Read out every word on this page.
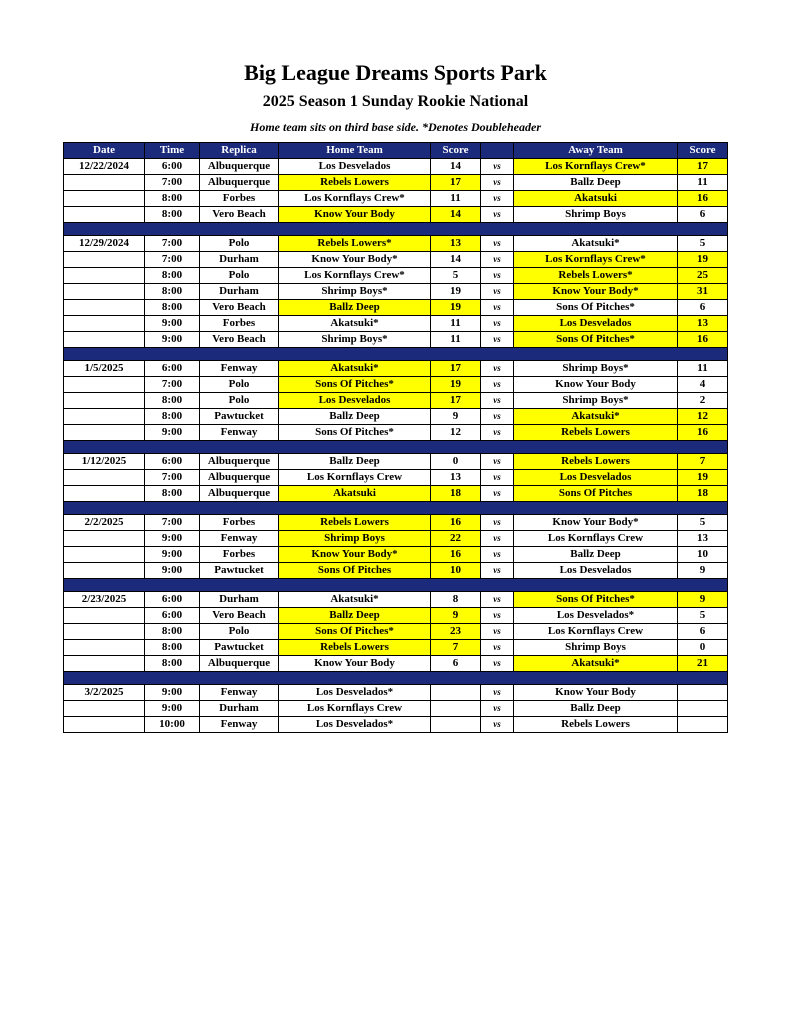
Big League Dreams Sports Park
2025 Season 1 Sunday Rookie National

Home team sits on third base side. *Denotes Doubleheader

Date	Time	Replica	Home Team	Score		Away Team	Score
12/22/2024	6:00	Albuquerque	Los Desvelados	14	vs	Los Kornflays Crew*	17
	7:00	Albuquerque	Rebels Lowers	17	vs	Ballz Deep	11
	8:00	Forbes	Los Kornflays Crew*	11	vs	Akatsuki	16
	8:00	Vero Beach	Know Your Body	14	vs	Shrimp Boys	6

12/29/2024	7:00	Polo	Rebels Lowers*	13	vs	Akatsuki*	5
	7:00	Durham	Know Your Body*	14	vs	Los Kornflays Crew*	19
	8:00	Polo	Los Kornflays Crew*	5	vs	Rebels Lowers*	25
	8:00	Durham	Shrimp Boys*	19	vs	Know Your Body*	31
	8:00	Vero Beach	Ballz Deep	19	vs	Sons Of Pitches*	6
	9:00	Forbes	Akatsuki*	11	vs	Los Desvelados	13
	9:00	Vero Beach	Shrimp Boys*	11	vs	Sons Of Pitches*	16

1/5/2025	6:00	Fenway	Akatsuki*	17	vs	Shrimp Boys*	11
	7:00	Polo	Sons Of Pitches*	19	vs	Know Your Body	4
	8:00	Polo	Los Desvelados	17	vs	Shrimp Boys*	2
	8:00	Pawtucket	Ballz Deep	9	vs	Akatsuki*	12
	9:00	Fenway	Sons Of Pitches*	12	vs	Rebels Lowers	16

1/12/2025	6:00	Albuquerque	Ballz Deep	0	vs	Rebels Lowers	7
	7:00	Albuquerque	Los Kornflays Crew	13	vs	Los Desvelados	19
	8:00	Albuquerque	Akatsuki	18	vs	Sons Of Pitches	18

2/2/2025	7:00	Forbes	Rebels Lowers	16	vs	Know Your Body*	5
	9:00	Fenway	Shrimp Boys	22	vs	Los Kornflays Crew	13
	9:00	Forbes	Know Your Body*	16	vs	Ballz Deep	10
	9:00	Pawtucket	Sons Of Pitches	10	vs	Los Desvelados	9

2/23/2025	6:00	Durham	Akatsuki*	8	vs	Sons Of Pitches*	9
	6:00	Vero Beach	Ballz Deep	9	vs	Los Desvelados*	5
	8:00	Polo	Sons Of Pitches*	23	vs	Los Kornflays Crew	6
	8:00	Pawtucket	Rebels Lowers	7	vs	Shrimp Boys	0
	8:00	Albuquerque	Know Your Body	6	vs	Akatsuki*	21

3/2/2025	9:00	Fenway	Los Desvelados*		vs	Know Your Body	
	9:00	Durham	Los Kornflays Crew		vs	Ballz Deep	
	10:00	Fenway	Los Desvelados*		vs	Rebels Lowers	
